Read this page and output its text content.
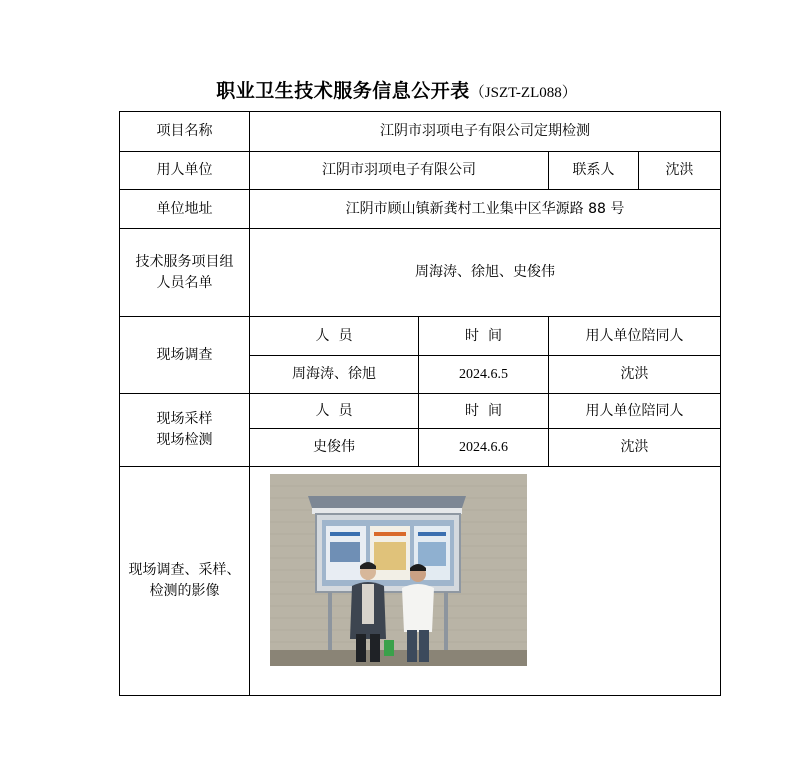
职业卫生技术服务信息公开表（JSZT-ZL088）
项目名称	江阴市羽项电子有限公司定期检测			
用人单位	江阴市羽项电子有限公司		联系人	沈洪
单位地址	江阴市顾山镇新龚村工业集中区华源路 88 号			

技术服务项目组
人员名单	周海涛、徐旭、史俊伟			
现场调查	人  员	时  间	用人单位陪同人	
	周海涛、徐旭	2024.6.5	沈洪	

现场采样
现场检测	人  员	时  间	用人单位陪同人	
	史俊伟	2024.6.6	沈洪	

现场调查、采样、
检测的影像
